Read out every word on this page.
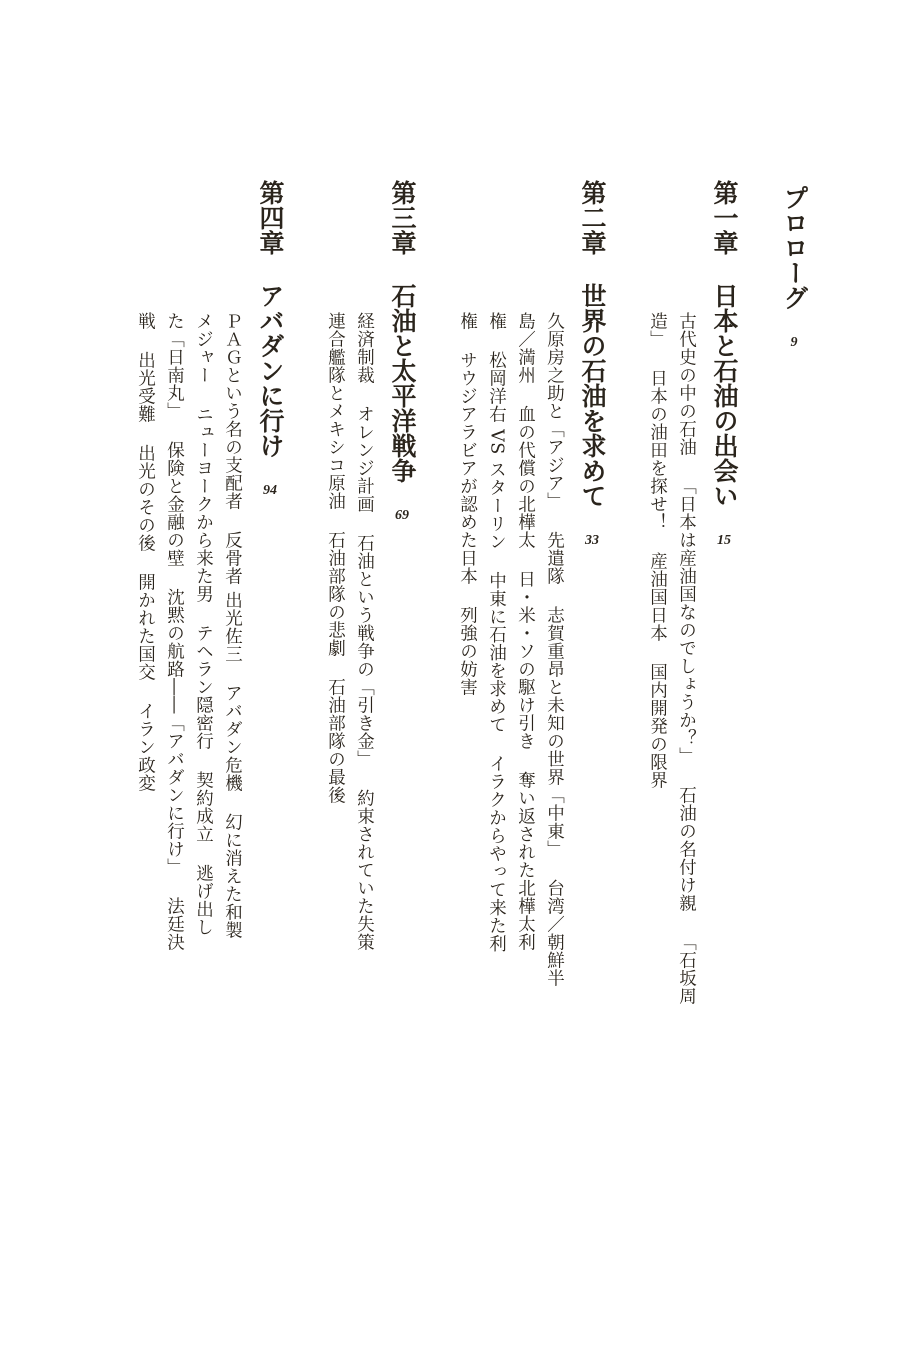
プロローグ9
第一章
日本と石油の出会い15
古代史の中の石油「日本は産油国なのでしょうか？」石油の名付け親「石坂周
造」日本の油田を探せ！産油国日本国内開発の限界
第二章
世界の石油を求めて33
久原房之助と「アジア」先遣隊志賀重昂と未知の世界「中東」台湾／朝鮮半
島／満州血の代償の北樺太日・米・ソの駆け引き奪い返された北樺太利
権松岡洋右 VS スターリン中東に石油を求めてイラクからやって来た利
権サウジアラビアが認めた日本列強の妨害
第三章
石油と太平洋戦争69
経済制裁オレンジ計画石油という戦争の「引き金」約束されていた失策
連合艦隊とメキシコ原油石油部隊の悲劇石油部隊の最後
第四章
アバダンに行け94
ＰＡＧという名の支配者反骨者 出光佐三アバダン危機幻に消えた和製
メジャーニューヨークから来た男テヘラン隠密行契約成立逃げ出し
た「日南丸」保険と金融の壁沈黙の航路――「アバダンに行け」法廷決
戦出光受難出光のその後開かれた国交イラン政変
